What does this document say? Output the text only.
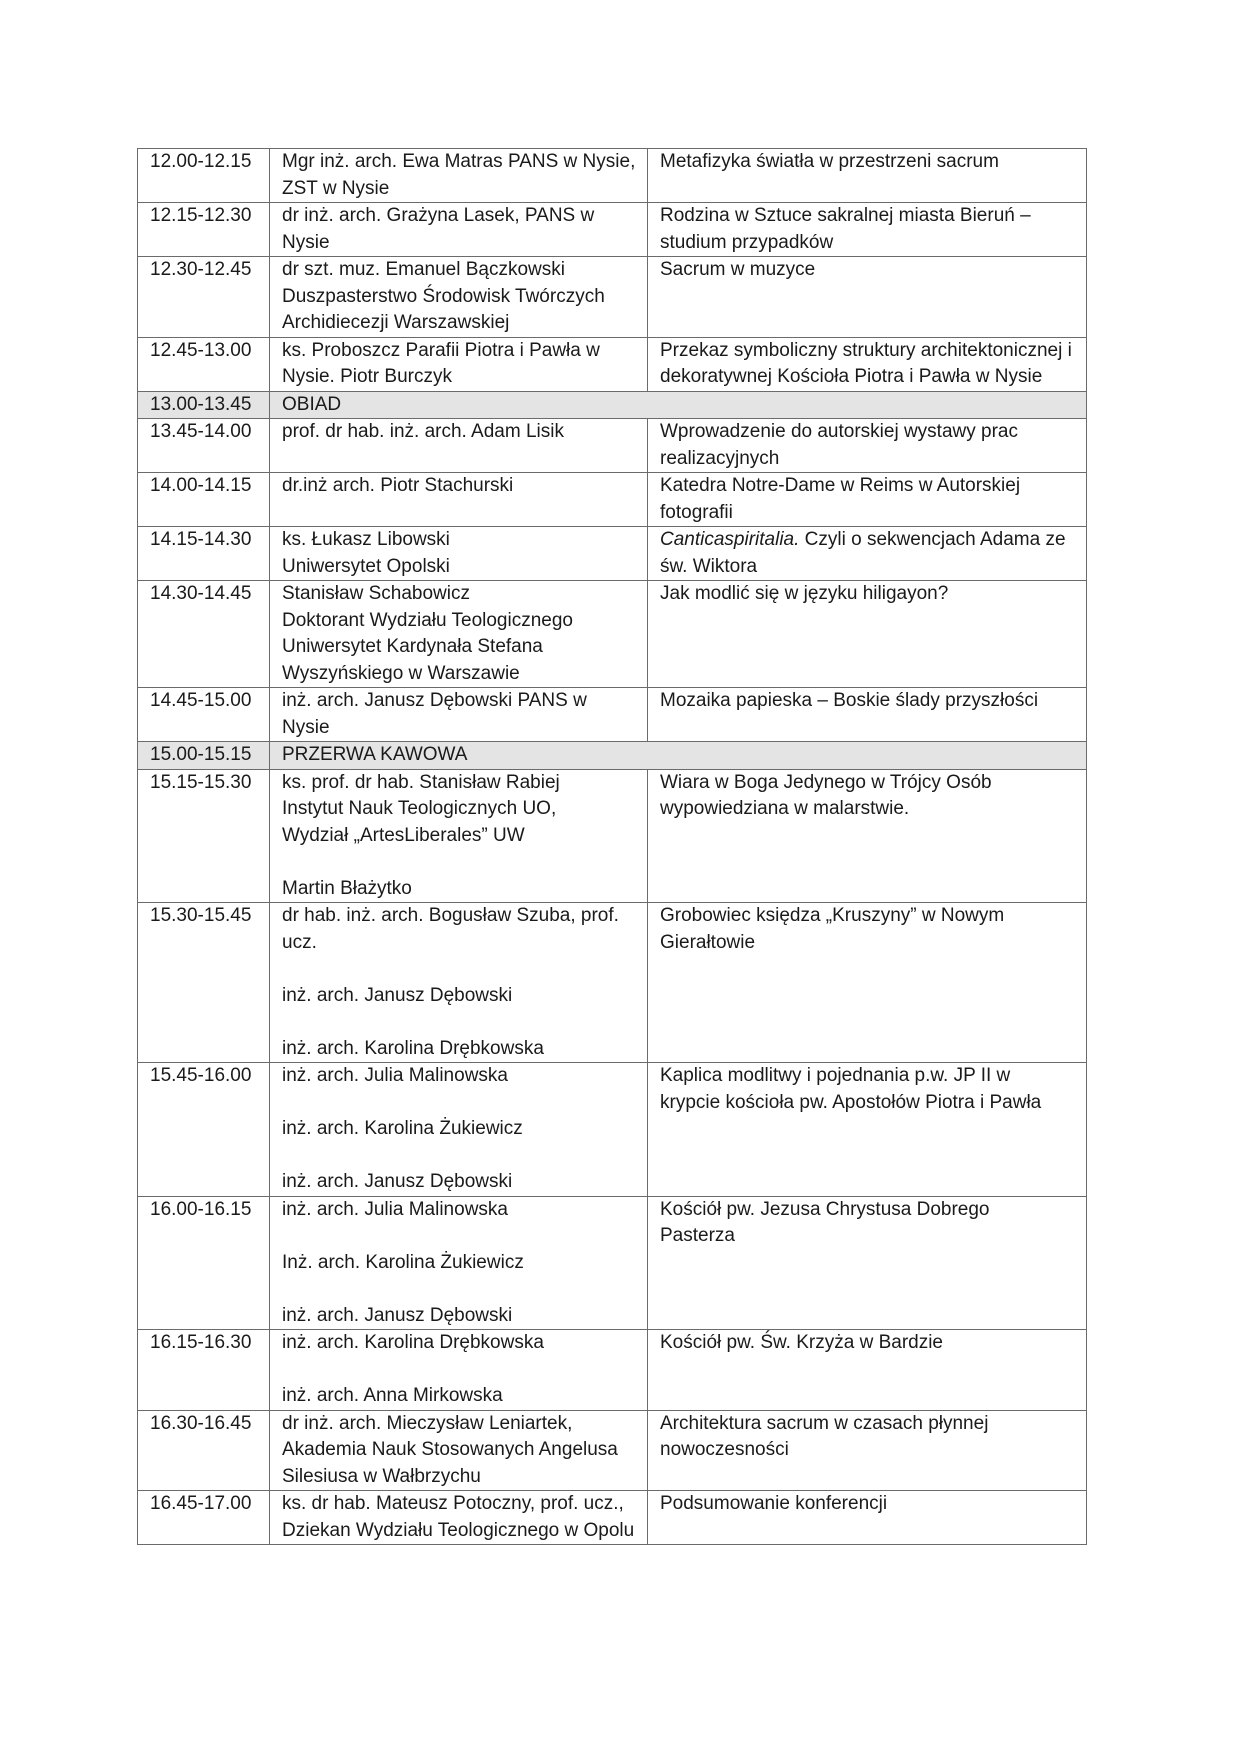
12.00-12.15	Mgr inż. arch. Ewa Matras PANS w Nysie,
ZST w Nysie	Metafizyka światła w przestrzeni sacrum

12.15-12.30	dr inż. arch. Grażyna Lasek, PANS w
Nysie	Rodzina w Sztuce sakralnej miasta Bieruń –
studium przypadków

12.30-12.45	dr szt. muz. Emanuel Bączkowski
Duszpasterstwo Środowisk Twórczych
Archidiecezji Warszawskiej	Sacrum w muzyce

12.45-13.00	ks. Proboszcz Parafii Piotra i Pawła w
Nysie. Piotr Burczyk	Przekaz symboliczny struktury architektonicznej i
dekoratywnej Kościoła Piotra i Pawła w Nysie

13.00-13.45	OBIAD	

13.45-14.00	prof. dr hab. inż. arch. Adam Lisik	Wprowadzenie do autorskiej wystawy prac
realizacyjnych

14.00-14.15	dr.inż arch. Piotr Stachurski	Katedra Notre-Dame w Reims w Autorskiej
fotografii

14.15-14.30	ks. Łukasz Libowski
Uniwersytet Opolski	Canticaspiritalia. Czyli o sekwencjach Adama ze
św. Wiktora

14.30-14.45	Stanisław Schabowicz
Doktorant Wydziału Teologicznego
Uniwersytet Kardynała Stefana
Wyszyńskiego w Warszawie	Jak modlić się w języku hiligayon?

14.45-15.00	inż. arch. Janusz Dębowski PANS w
Nysie	Mozaika papieska – Boskie ślady przyszłości

15.00-15.15	PRZERWA KAWOWA	

15.15-15.30	ks. prof. dr hab. Stanisław Rabiej
Instytut Nauk Teologicznych UO,
Wydział „ArtesLiberales” UW
Martin Błażytko	Wiara w Boga Jedynego w Trójcy Osób
wypowiedziana w malarstwie.

15.30-15.45	dr hab. inż. arch. Bogusław Szuba, prof.
ucz.
inż. arch. Janusz Dębowski
inż. arch. Karolina Drębkowska	Grobowiec księdza „Kruszyny” w Nowym
Gierałtowie

15.45-16.00	inż. arch. Julia Malinowska
inż. arch. Karolina Żukiewicz
inż. arch. Janusz Dębowski	Kaplica modlitwy i pojednania p.w. JP II w
krypcie kościoła pw. Apostołów Piotra i Pawła

16.00-16.15	inż. arch. Julia Malinowska
Inż. arch. Karolina Żukiewicz
inż. arch. Janusz Dębowski	Kościół pw. Jezusa Chrystusa Dobrego
Pasterza

16.15-16.30	inż. arch. Karolina Drębkowska
inż. arch. Anna Mirkowska	Kościół pw. Św. Krzyża w Bardzie

16.30-16.45	dr inż. arch. Mieczysław Leniartek,
Akademia Nauk Stosowanych Angelusa
Silesiusa w Wałbrzychu	Architektura sacrum w czasach płynnej
nowoczesności

16.45-17.00	ks. dr hab. Mateusz Potoczny, prof. ucz.,
Dziekan Wydziału Teologicznego w Opolu	Podsumowanie konferencji
